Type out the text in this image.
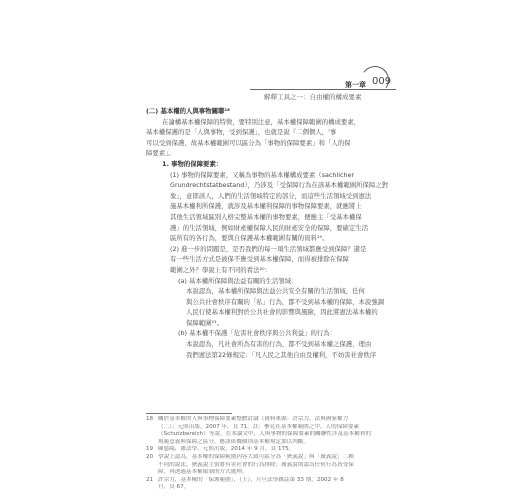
第一章 009
解釋工具之一：自由權的構成要素
(二) 基本權的人與事物關聯¹⁸
在論構基本權保障的特徵，要特別注意，基本權保障範圍的構成要素，
基本權保護的是「人與事物，受到保護」，也就是說『二個個人，'事
可以受到保護，故基本權範圍可以區分為「事物的保障要素」和「人的保
障要素」。
1. 事物的保障要素：
(1) 事物的保障要素，又稱為事物的基本權構成要素（sachlicher
Grundrechtstatbestand），乃涉及「受保障行為在該基本權範圍所保障之對
象」，意即該人，人們的生活領域特定的部分，而這些生活領域受到憲法
施基本權利所保護，就涉及基本權利保障的事物保障要素，就應將上
其他生活領域區別人格完整基本權的事物要素，便應主「受基本權保
護」的生活領域，例如財產權保障人民的財產安全的保障，要確定生活
區所有的各行為，要與自保護基本權範圍有關的資料¹⁹。
(2) 進一步的問題是，是否我們的每一項生活領域都應受到保障？還是
有一些生活方式是被保不應受到基本權保障，而得被排除在保障
範圍之外？學說上有不同的看法²⁰：
(a) 基本權所保障與法益有關的生活領域：
本說認為，基本權所保障與法益公共安全有關的生活領域，任何
與公共社會秩序有關的「私」行為，都不受到基本權的保障，本說強調
人民行使基本權利對於公共社會的影響與風險，因此將憲法基本權的
保障範圍²¹。
(b) 基本權不保護「危害社會秩序與公共利益」的行為：
本說認為，凡社會所為有害的行為，都不受到基本權之保護，理由
我們憲法第22條規定：「凡人民之其他自由及權利，不妨害社會秩序
18 關於基本權的人與事物保障要素整體討論（資料來源：許宗力，法與國家權力
（二）；元照出版，2007 年，頁 71。註：參見在基本權範圍之中，人的保障要素
（Schutzbereich）等說，在本論文中，人與事物的保障要素的關聯性涉及基本權利的
規範意義與保障之區分，應該依據個別基本權規定加以判斷。
19 陳慈陽，憲法學，元照出版，2014 年 9 月，頁 175。
20 學說上認為，基本權的保障範圍內容大致可區分為「狹義說」與「廣義說」二種
不同的說法，狹義說主張將有害社會的行為排除；廣義說則認為任何行為皆受保
障，再透過基本權限制的方式處理。
21 許宗力，基本權的「保護範圍」，（上），月旦法學雜誌第 33 期，2002 年 8
月，頁 67。
